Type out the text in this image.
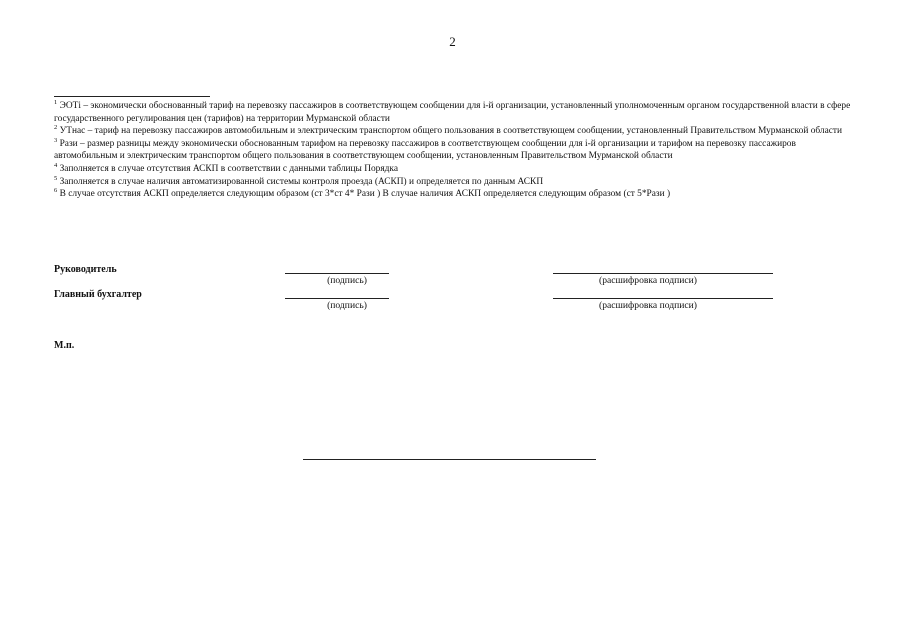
2

$^1$ ЭОТi – экономически обоснованный тариф на перевозку пассажиров в соответствующем сообщении для i-й организации, установленный уполномоченным органом государственной власти в сфере государственного регулирования цен (тарифов) на территории Мурманской области

$^2$ УТнас – тариф на перевозку пассажиров автомобильным и электрическим транспортом общего пользования в соответствующем сообщении, установленный Правительством Мурманской области

$^3$ Рази – размер разницы между экономически обоснованным тарифом на перевозку пассажиров в соответствующем сообщении для i-й организации и тарифом на перевозку пассажиров автомобильным и электрическим транспортом общего пользования в соответствующем сообщении, установленным Правительством Мурманской области

$^4$ Заполняется в случае отсутствия АСКП в соответствии с данными таблицы Порядка

$^5$ Заполняется в случае наличия автоматизированной системы контроля проезда (АСКП) и определяется по данным АСКП

$^6$ В случае отсутствия АСКП определяется следующим образом (ст 3*ст 4* Рази ) В случае наличия АСКП определяется следующим образом (ст 5*Рази )

Руководитель
(подпись)	(расшифровка подписи)
Главный бухгалтер
(подпись)	(расшифровка подписи)
М.п.
